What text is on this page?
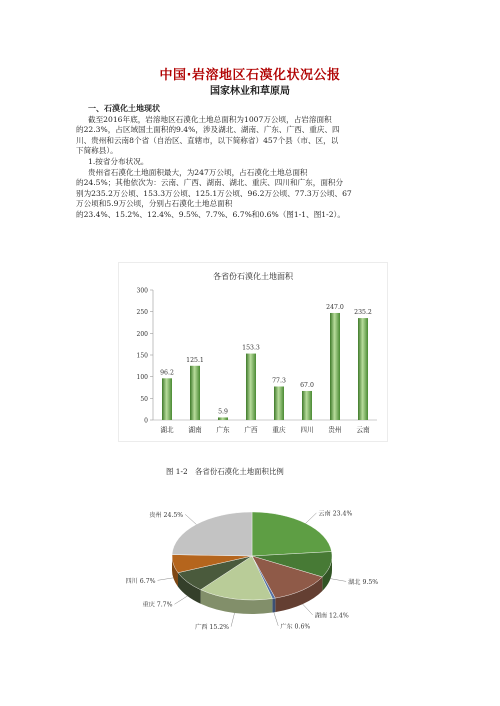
中国·岩溶地区石漠化状况公报
国家林业和草原局

一、石漠化土地现状

截至2016年底，岩溶地区石漠化土地总面积为1007万公顷，占岩溶面积

的22.3%，占区域国土面积的9.4%，涉及湖北、湖南、广东、广西、重庆、四

川、贵州和云南8个省（自治区、直辖市，以下简称省）457个县（市、区，以

下简称县）。

1.按省分布状况。

贵州省石漠化土地面积最大，为247万公顷，占石漠化土地总面积

的24.5%；其他依次为：云南、广西、湖南、湖北、重庆、四川和广东，面积分

别为235.2万公顷、153.3万公顷、125.1万公顷、96.2万公顷、77.3万公顷、67

万公顷和5.9万公顷，分别占石漠化土地总面积

的23.4%、15.2%、12.4%、9.5%、7.7%、6.7%和0.6%（图1-1、图1-2）。

各省份石漠化土地面积
0
50
100
150
200
250
300
96.2
湖北
125.1
湖南
5.9
广东
153.3
广西
77.3
重庆
67.0
四川
247.0
贵州
235.2
云南
图 1-2　各省份石漠化土地面积比例
云南 23.4%
湖北 9.5%
湖南 12.4%
广东 0.6%
广西 15.2%
重庆 7.7%
四川 6.7%
贵州 24.5%
